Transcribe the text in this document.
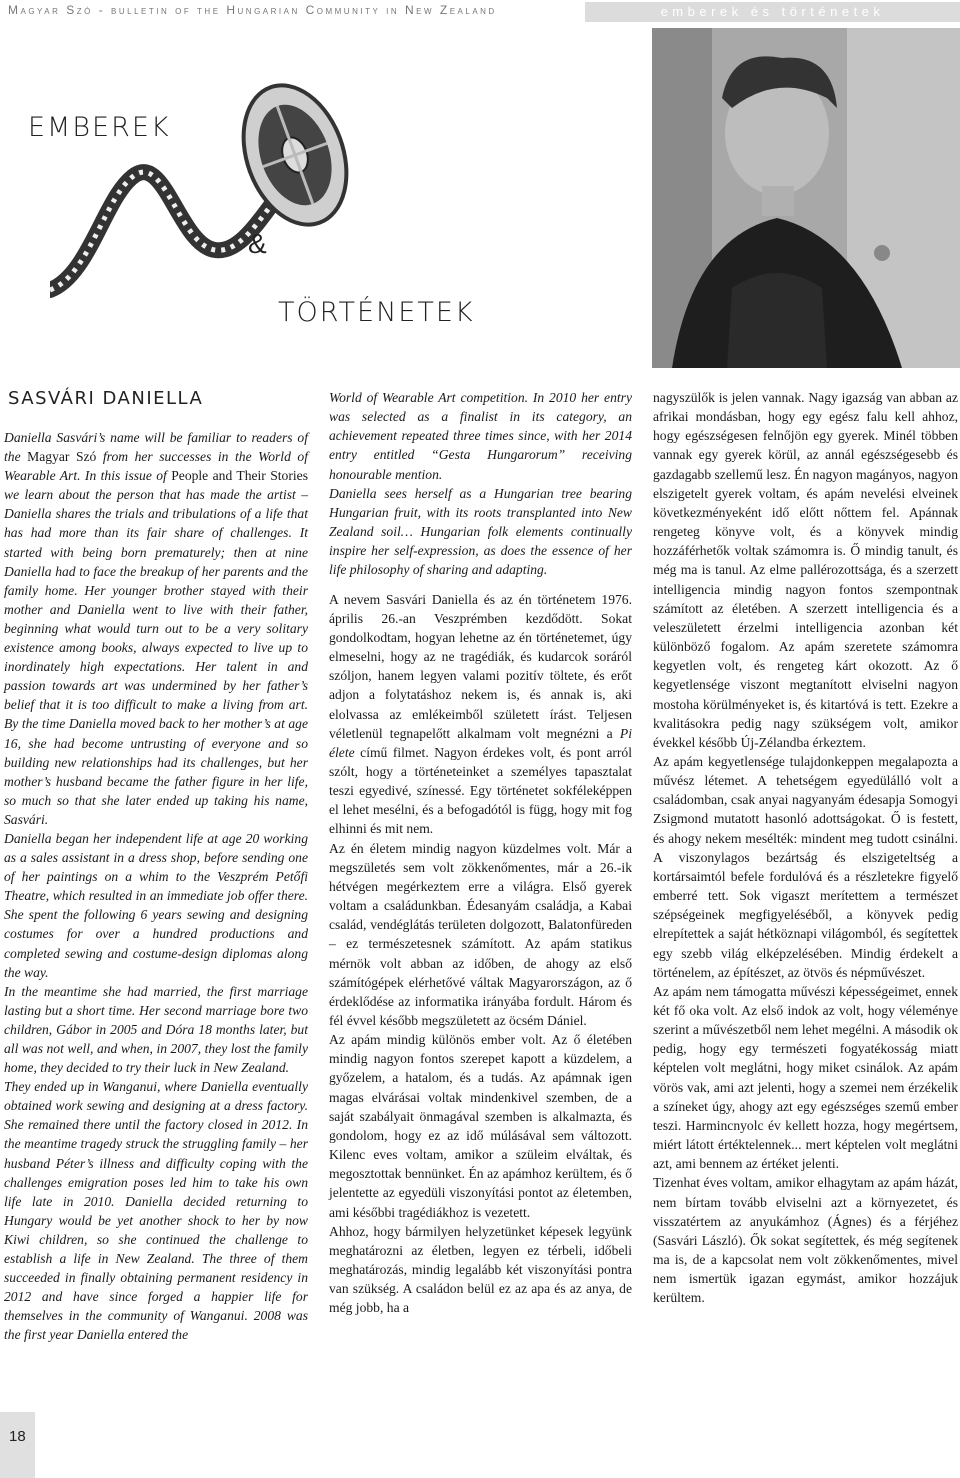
Magyar Szó - bulletin of the Hungarian Community in New Zealand	emberek és történetek
EMBEREK
&
TÖRTÉNETEK
SASVÁRI DANIELLA

Daniella Sasvári’s name will be familiar to readers of the Magyar Szó from her successes in the World of Wearable Art. In this issue of People and Their Stories we learn about the person that has made the artist – Daniella shares the trials and tribulations of a life that has had more than its fair share of challenges. It started with being born prematurely; then at nine Daniella had to face the breakup of her parents and the family home. Her younger brother stayed with their mother and Daniella went to live with their father, beginning what would turn out to be a very solitary existence among books, always expected to live up to inordinately high expectations. Her talent in and passion towards art was undermined by her father’s belief that it is too difficult to make a living from art. By the time Daniella moved back to her mother’s at age 16, she had become untrusting of everyone and so building new relationships had its challenges, but her mother’s husband became the father figure in her life, so much so that she later ended up taking his name, Sasvári.

Daniella began her independent life at age 20 working as a sales assistant in a dress shop, before sending one of her paintings on a whim to the Veszprém Petőfi Theatre, which resulted in an immediate job offer there. She spent the following 6 years sewing and designing costumes for over a hundred productions and completed sewing and costume-design diplomas along the way.

In the meantime she had married, the first marriage lasting but a short time. Her second marriage bore two children, Gábor in 2005 and Dóra 18 months later, but all was not well, and when, in 2007, they lost the family home, they decided to try their luck in New Zealand.

They ended up in Wanganui, where Daniella eventually obtained work sewing and designing at a dress factory. She remained there until the factory closed in 2012. In the meantime tragedy struck the struggling family – her husband Péter’s illness and difficulty coping with the challenges emigration poses led him to take his own life late in 2010. Daniella decided returning to Hungary would be yet another shock to her by now Kiwi children, so she continued the challenge to establish a life in New Zealand. The three of them succeeded in finally obtaining permanent residency in 2012 and have since forged a happier life for themselves in the community of Wanganui. 2008 was the first year Daniella entered the

World of Wearable Art competition. In 2010 her entry was selected as a finalist in its category, an achievement repeated three times since, with her 2014 entry entitled “Gesta Hungarorum” receiving honourable mention.

Daniella sees herself as a Hungarian tree bearing Hungarian fruit, with its roots transplanted into New Zealand soil… Hungarian folk elements continually inspire her self-expression, as does the essence of her life philosophy of sharing and adapting.

A nevem Sasvári Daniella és az én történetem 1976. április 26.-an Veszprémben kezdődött. Sokat gondolkodtam, hogyan lehetne az én történetemet, úgy elmeselni, hogy az ne tragédiák, és kudarcok soráról szóljon, hanem legyen valami pozitív töltete, és erőt adjon a folytatáshoz nekem is, és annak is, aki elolvassa az emlékeimből született írást. Teljesen véletlenül tegnapelőtt alkalmam volt megnézni a Pi élete című filmet. Nagyon érdekes volt, és pont arról szólt, hogy a történeteinket a személyes tapasztalat teszi egyedivé, színessé. Egy történetet sokféleképpen el lehet mesélni, és a befogadótól is függ, hogy mit fog elhinni és mit nem.

Az én életem mindig nagyon küzdelmes volt. Már a megszületés sem volt zökkenőmentes, már a 26.-ik hétvégen megérkeztem erre a világra. Első gyerek voltam a családunkban. Édesanyám családja, a Kabai család, vendéglátás területen dolgozott, Balatonfüreden – ez természetesnek számított. Az apám statikus mérnök volt abban az időben, de ahogy az első számítógépek elérhetővé váltak Magyarországon, az ő érdeklődése az informatika irányába fordult. Három és fél évvel később megszületett az öcsém Dániel.

Az apám mindig különös ember volt. Az ő életében mindig nagyon fontos szerepet kapott a küzdelem, a győzelem, a hatalom, és a tudás. Az apámnak igen magas elvárásai voltak mindenkivel szemben, de a saját szabályait önmagával szemben is alkalmazta, és gondolom, hogy ez az idő múlásával sem változott. Kilenc eves voltam, amikor a szüleim elváltak, és megosztottak bennünket. Én az apámhoz kerültem, és ő jelentette az egyedüli viszonyítási pontot az életemben, ami későbbi tragédiákhoz is vezetett.

Ahhoz, hogy bármilyen helyzetünket képesek legyünk meghatározni az életben, legyen ez térbeli, időbeli meghatározás, mindig legalább két viszonyítási pontra van szükség. A családon belül ez az apa és az anya, de még jobb, ha a

nagyszülők is jelen vannak. Nagy igazság van abban az afrikai mondásban, hogy egy egész falu kell ahhoz, hogy egészségesen felnőjön egy gyerek. Minél többen vannak egy gyerek körül, az annál egészségesebb és gazdagabb szellemű lesz. Én nagyon magányos, nagyon elszigetelt gyerek voltam, és apám nevelési elveinek következményeként idő előtt nőttem fel. Apánnak rengeteg könyve volt, és a könyvek mindig hozzáférhetők voltak számomra is. Ő mindig tanult, és még ma is tanul. Az elme pallérozottsága, és a szerzett intelligencia mindig nagyon fontos szempontnak számított az életében. A szerzett intelligencia és a veleszületett érzelmi intelligencia azonban két különböző fogalom. Az apám szeretete számomra kegyetlen volt, és rengeteg kárt okozott. Az ő kegyetlensége viszont megtanított elviselni nagyon mostoha körülményeket is, és kitartóvá is tett. Ezekre a kvalitásokra pedig nagy szükségem volt, amikor évekkel később Új-Zélandba érkeztem.

Az apám kegyetlensége tulajdonkeppen megalapozta a művész létemet. A tehetségem egyedülálló volt a családomban, csak anyai nagyanyám édesapja Somogyi Zsigmond mutatott hasonló adottságokat. Ő is festett, és ahogy nekem mesélték: mindent meg tudott csinálni. A viszonylagos bezártság és elszigeteltség a kortársaimtól befele fordulóvá és a részletekre figyelő emberré tett. Sok vigaszt merítettem a természet szépségeinek megfigyeléséből, a könyvek pedig elrepítettek a saját hétköznapi világomból, és segítettek egy szebb világ elképzelésében. Mindig érdekelt a történelem, az építészet, az ötvös és népművészet.

Az apám nem támogatta művészi képességeimet, ennek két fő oka volt. Az első indok az volt, hogy véleménye szerint a művészetből nem lehet megélni. A második ok pedig, hogy egy természeti fogyatékosság miatt képtelen volt meglátni, hogy miket csinálok. Az apám vörös vak, ami azt jelenti, hogy a szemei nem érzékelik a színeket úgy, ahogy azt egy egészséges szemű ember teszi. Harmincnyolc év kellett hozza, hogy megértsem, miért látott értéktelennek... mert képtelen volt meglátni azt, ami bennem az értéket jelenti.

Tizenhat éves voltam, amikor elhagytam az apám házát, nem bírtam tovább elviselni azt a környezetet, és visszatértem az anyukámhoz (Ágnes) és a férjéhez (Sasvári László). Ők sokat segítettek, és még segítenek ma is, de a kapcsolat nem volt zökkenőmentes, mivel nem ismertük igazan egymást, amikor hozzájuk kerültem.

18
